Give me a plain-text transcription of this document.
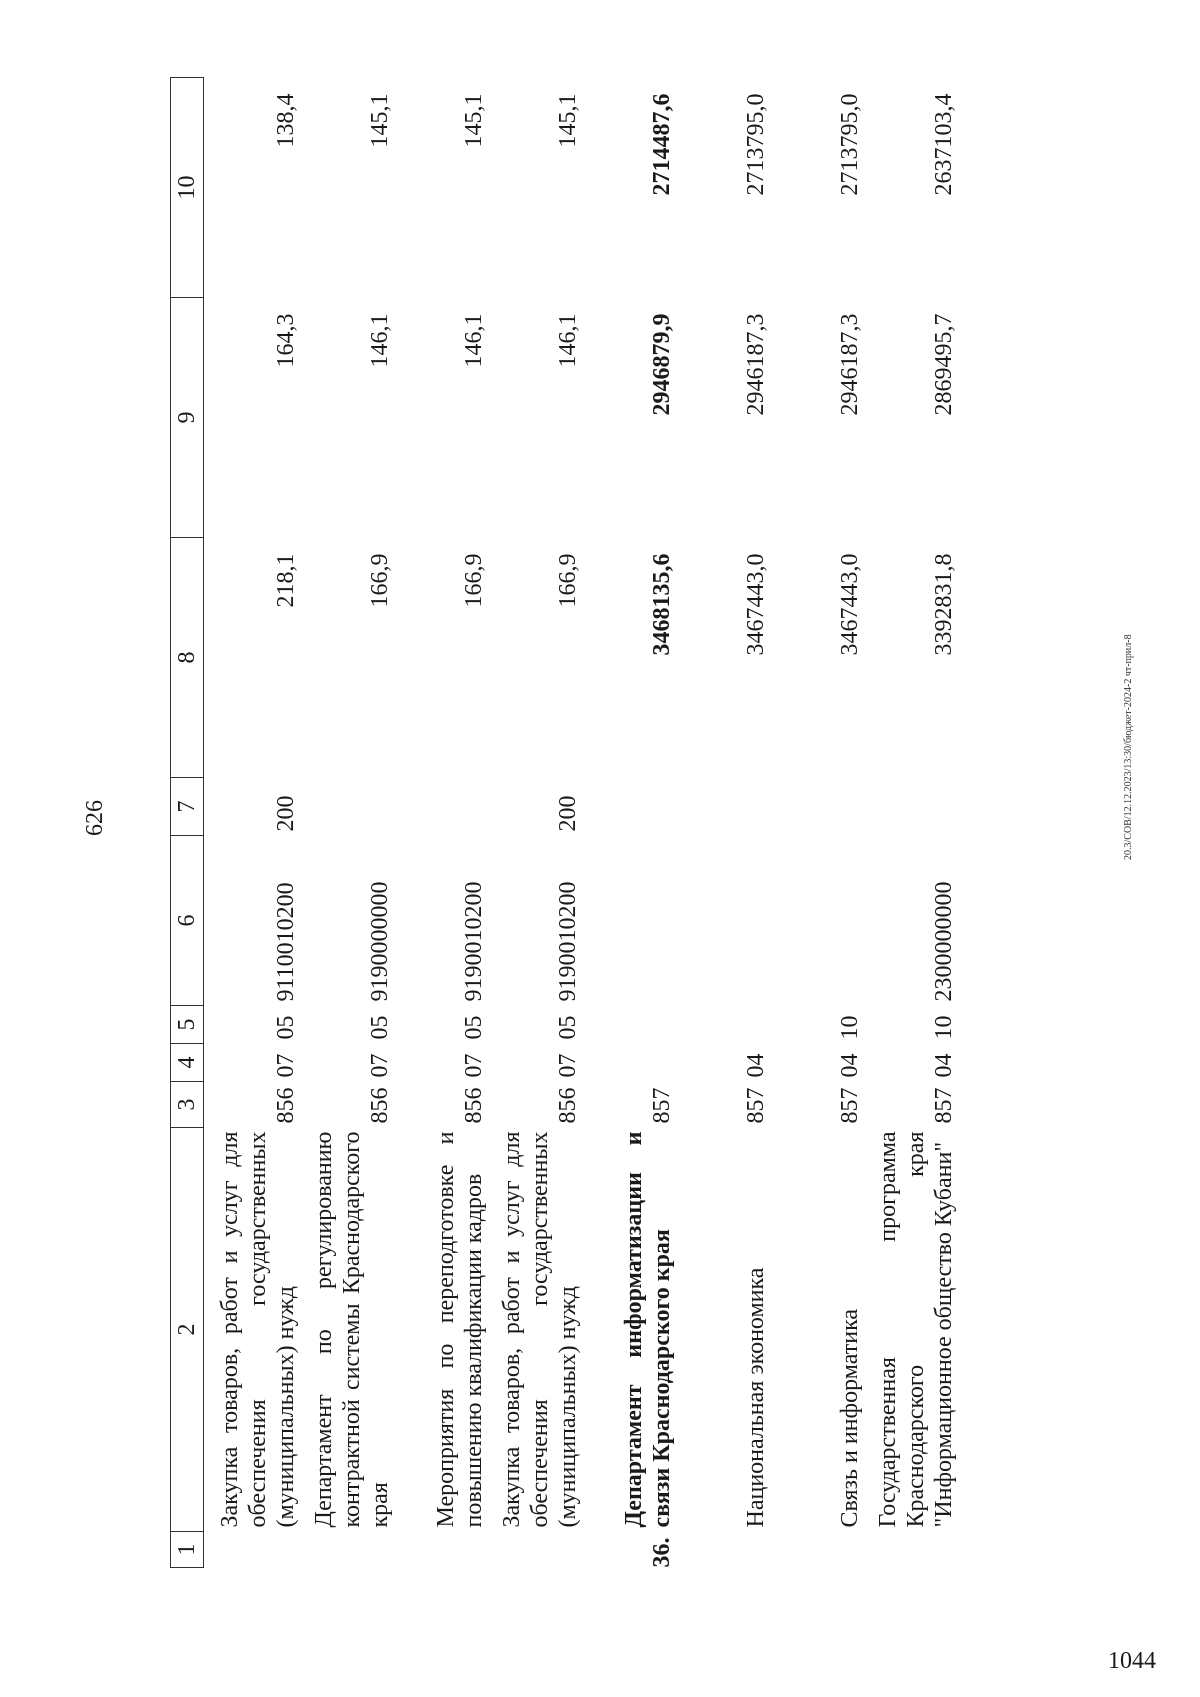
626
1044
20.3/СОВ/12.12.2023/13:30/бюджет-2024-2 чт-прил-8
1	2	3	4	5	6	7	8	9	10
	Закупка товаров, работ и услуг для обеспечения государственных (муниципальных) нужд	856	07	05	9110010200	200	218,1	164,3	138,4
	Департамент по регулированию контрактной системы Краснодарского края	856	07	05	9190000000		166,9	146,1	145,1
	Мероприятия по переподготовке и повышению квалификации кадров	856	07	05	9190010200		166,9	146,1	145,1
	Закупка товаров, работ и услуг для обеспечения государственных (муниципальных) нужд	856	07	05	9190010200	200	166,9	146,1	145,1
36.	Департамент информатизации и связи Краснодарского края	857					3468135,6	2946879,9	2714487,6
	Национальная экономика	857	04				3467443,0	2946187,3	2713795,0
	Связь и информатика	857	04	10			3467443,0	2946187,3	2713795,0
	Государственная программа Краснодарского края "Информационное общество Кубани"	857	04	10	2300000000		3392831,8	2869495,7	2637103,4
